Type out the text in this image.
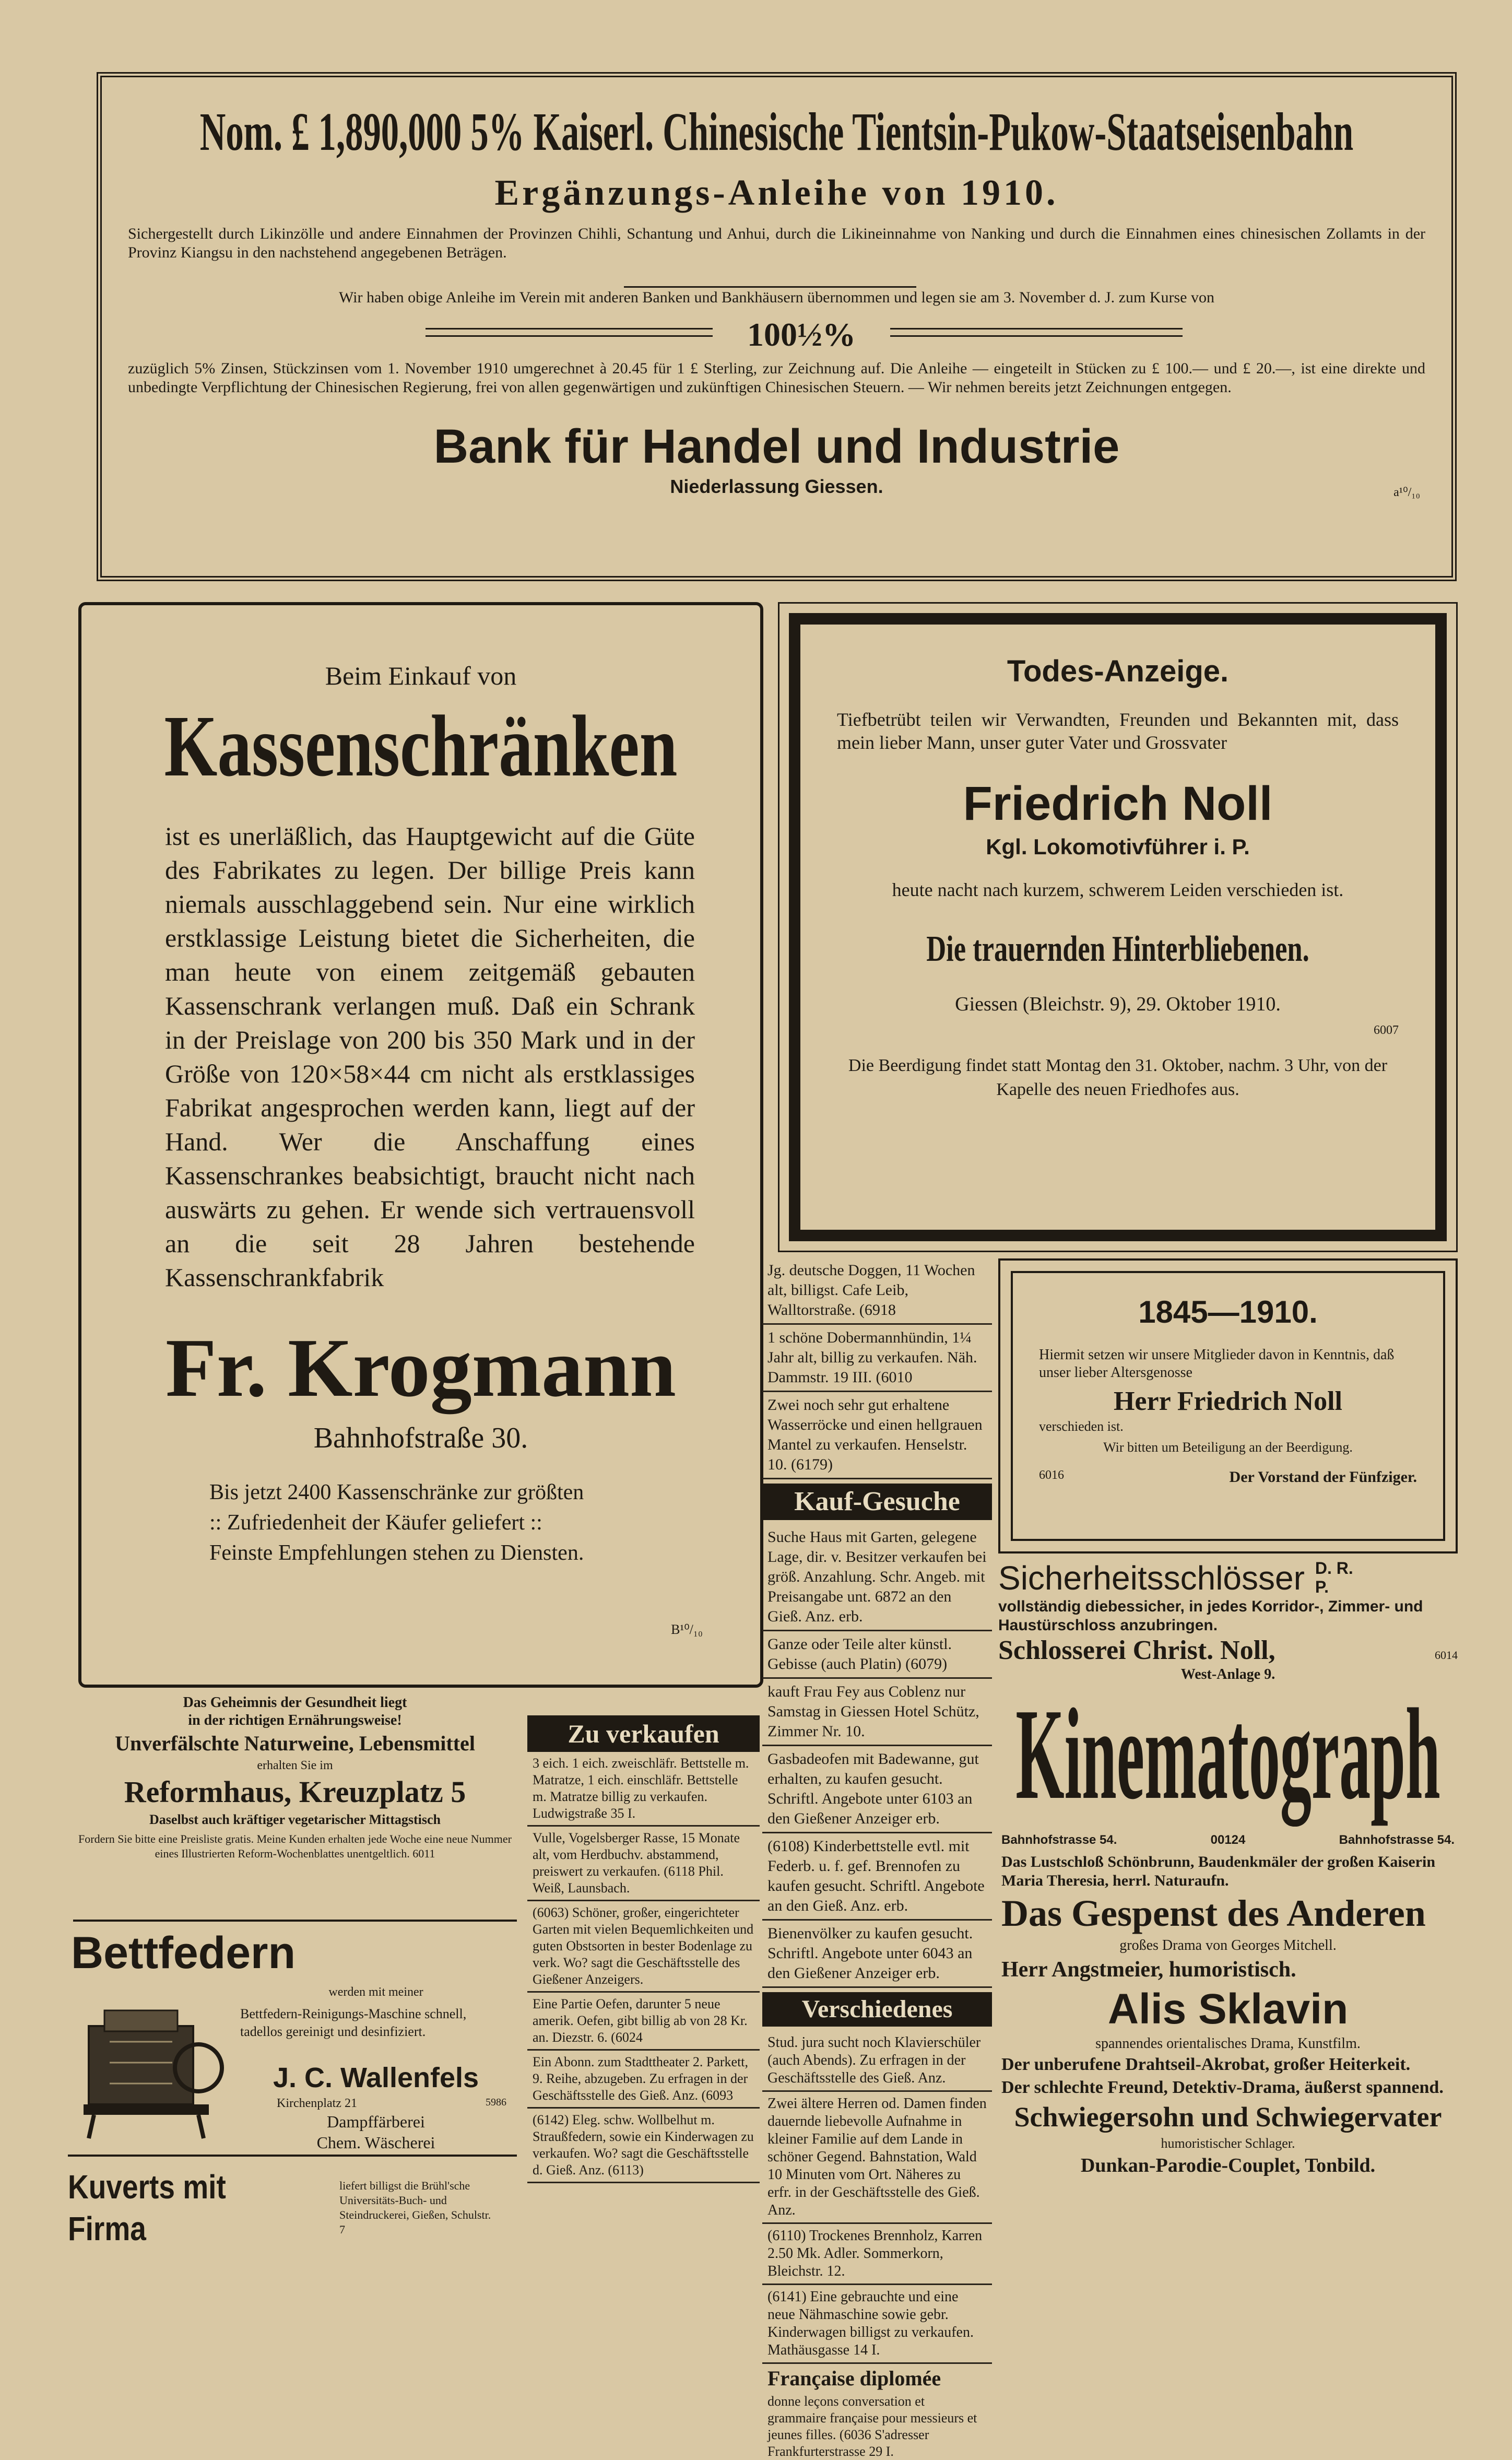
Nom. £ 1,890,000 5% Kaiserl. Chinesische Tientsin-Pukow-Staatseisenbahn
Ergänzungs-Anleihe von 1910.

Sichergestellt durch Likinzölle und andere Einnahmen der Provinzen Chihli, Schantung und Anhui, durch die Likineinnahme von Nanking und durch die Einnahmen eines chinesischen Zollamts in der Provinz Kiangsu in den nachstehend angegebenen Beträgen.

Wir haben obige Anleihe im Verein mit anderen Banken und Bankhäusern übernommen und legen sie am 3. November d. J. zum Kurse von

100½%

zuzüglich 5% Zinsen, Stückzinsen vom 1. November 1910 umgerechnet à 20.45 für 1 £ Sterling, zur Zeichnung auf. Die Anleihe — eingeteilt in Stücken zu £ 100.— und £ 20.—, ist eine direkte und unbedingte Verpflichtung der Chinesischen Regierung, frei von allen gegenwärtigen und zukünftigen Chinesischen Steuern. — Wir nehmen bereits jetzt Zeichnungen entgegen.

a¹⁰/₁₀
Bank für Handel und Industrie
Niederlassung Giessen.
Beim Einkauf von
Kassenschränken

ist es unerläßlich, das Hauptgewicht auf die Güte des Fabrikates zu legen. Der billige Preis kann niemals ausschlaggebend sein. Nur eine wirklich erstklassige Leistung bietet die Sicherheiten, die man heute von einem zeitgemäß gebauten Kassenschrank verlangen muß. Daß ein Schrank in der Preislage von 200 bis 350 Mark und in der Größe von 120×58×44 cm nicht als erstklassiges Fabrikat angesprochen werden kann, liegt auf der Hand. Wer die Anschaffung eines Kassenschrankes beabsichtigt, braucht nicht nach auswärts zu gehen. Er wende sich vertrauensvoll an die seit 28 Jahren bestehende Kassenschrankfabrik

Fr. Krogmann
Bahnhofstraße 30.
Bis jetzt 2400 Kassenschränke zur größten
:: Zufriedenheit der Käufer geliefert ::
Feinste Empfehlungen stehen zu Diensten.
B¹⁰/₁₀
Todes-Anzeige.

Tiefbetrübt teilen wir Verwandten, Freunden und Bekannten mit, dass mein lieber Mann, unser guter Vater und Grossvater

Friedrich Noll
Kgl. Lokomotivführer i. P.
heute nacht nach kurzem, schwerem Leiden verschieden ist.
Die trauernden Hinterbliebenen.
Giessen (Bleichstr. 9), 29. Oktober 1910.
6007

Die Beerdigung findet statt Montag den 31. Oktober, nachm. 3 Uhr, von der Kapelle des neuen Friedhofes aus.

Jg. deutsche Doggen, 11 Wochen alt, billigst. Cafe Leib, Walltorstraße. (6918
1 schöne Dobermannhündin, 1¼ Jahr alt, billig zu verkaufen. Näh. Dammstr. 19 III. (6010
Zwei noch sehr gut erhaltene Wasserröcke und einen hellgrauen Mantel zu verkaufen. Henselstr. 10. (6179)
Kauf-Gesuche
Suche Haus mit Garten, gelegene Lage, dir. v. Besitzer verkaufen bei größ. Anzahlung. Schr. Angeb. mit Preisangabe unt. 6872 an den Gieß. Anz. erb.
Ganze oder Teile alter künstl. Gebisse (auch Platin) (6079)
kauft Frau Fey aus Coblenz nur Samstag in Giessen Hotel Schütz, Zimmer Nr. 10.
Gasbadeofen mit Badewanne, gut erhalten, zu kaufen gesucht. Schriftl. Angebote unter 6103 an den Gießener Anzeiger erb.
(6108) Kinderbettstelle evtl. mit Federb. u. f. gef. Brennofen zu kaufen gesucht. Schriftl. Angebote an den Gieß. Anz. erb.
Bienenvölker zu kaufen gesucht. Schriftl. Angebote unter 6043 an den Gießener Anzeiger erb.
Verschiedenes
Stud. jura sucht noch Klavierschüler (auch Abends). Zu erfragen in der Geschäftsstelle des Gieß. Anz.
Zwei ältere Herren od. Damen finden dauernde liebevolle Aufnahme in kleiner Familie auf dem Lande in schöner Gegend. Bahnstation, Wald 10 Minuten vom Ort. Näheres zu erfr. in der Geschäftsstelle des Gieß. Anz.
(6110) Trockenes Brennholz, Karren 2.50 Mk. Adler. Sommerkorn, Bleichstr. 12.
(6141) Eine gebrauchte und eine neue Nähmaschine sowie gebr. Kinderwagen billigst zu verkaufen. Mathäusgasse 14 I.
Française diplomée
donne leçons conversation et grammaire française pour messieurs et jeunes filles. (6036 S'adresser Frankfurterstrasse 29 I.
1845—1910.

Hiermit setzen wir unsere Mitglieder davon in Kenntnis, daß unser lieber Altersgenosse

Herr Friedrich Noll

verschieden ist.

Wir bitten um Beteiligung an der Beerdigung.

6016	Der Vorstand der Fünfziger.
Sicherheitsschlösser D. R. P.

vollständig diebessicher, in jedes Korridor-, Zimmer- und Haustürschloss anzubringen.

Schlosserei Christ. Noll,	6014
West-Anlage 9.
Kinematograph
Bahnhofstrasse 54.	00124	Bahnhofstrasse 54.
Das Lustschloß Schönbrunn, Baudenkmäler der großen Kaiserin Maria Theresia, herrl. Naturaufn.
Das Gespenst des Anderen
großes Drama von Georges Mitchell.
Herr Angstmeier, humoristisch.
Alis Sklavin
spannendes orientalisches Drama, Kunstfilm.
Der unberufene Drahtseil-Akrobat, großer Heiterkeit.
Der schlechte Freund, Detektiv-Drama, äußerst spannend.
Schwiegersohn und Schwiegervater
humoristischer Schlager.
Dunkan-Parodie-Couplet, Tonbild.
Das Geheimnis der Gesundheit liegt
in der richtigen Ernährungsweise!
Unverfälschte Naturweine, Lebensmittel
erhalten Sie im
Reformhaus, Kreuzplatz 5
Daselbst auch kräftiger vegetarischer Mittagstisch

Fordern Sie bitte eine Preisliste gratis. Meine Kunden erhalten jede Woche eine neue Nummer eines Illustrierten Reform-Wochenblattes unentgeltlich. 6011

Zu verkaufen
3 eich. 1 eich. zweischläfr. Bettstelle m. Matratze, 1 eich. einschläfr. Bettstelle m. Matratze billig zu verkaufen. Ludwigstraße 35 I.
Vulle, Vogelsberger Rasse, 15 Monate alt, vom Herdbuchv. abstammend, preiswert zu verkaufen. (6118 Phil. Weiß, Launsbach.
(6063) Schöner, großer, eingerichteter Garten mit vielen Bequemlichkeiten und guten Obstsorten in bester Bodenlage zu verk. Wo? sagt die Geschäftsstelle des Gießener Anzeigers.
Eine Partie Oefen, darunter 5 neue amerik. Oefen, gibt billig ab von 28 Kr. an. Diezstr. 6. (6024
Ein Abonn. zum Stadttheater 2. Parkett, 9. Reihe, abzugeben. Zu erfragen in der Geschäftsstelle des Gieß. Anz. (6093
(6142) Eleg. schw. Wollbelhut m. Straußfedern, sowie ein Kinderwagen zu verkaufen. Wo? sagt die Geschäftsstelle d. Gieß. Anz. (6113)
Bettfedern
werden mit meiner

Bettfedern-Reinigungs-Maschine schnell, tadellos gereinigt und desinfiziert.

J. C. Wallenfels
Kirchenplatz 21	5986
Dampffärberei
Chem. Wäscherei
Kuverts mit Firma

liefert billigst die Brühl'sche Universitäts-Buch- und Steindruckerei, Gießen, Schulstr. 7
